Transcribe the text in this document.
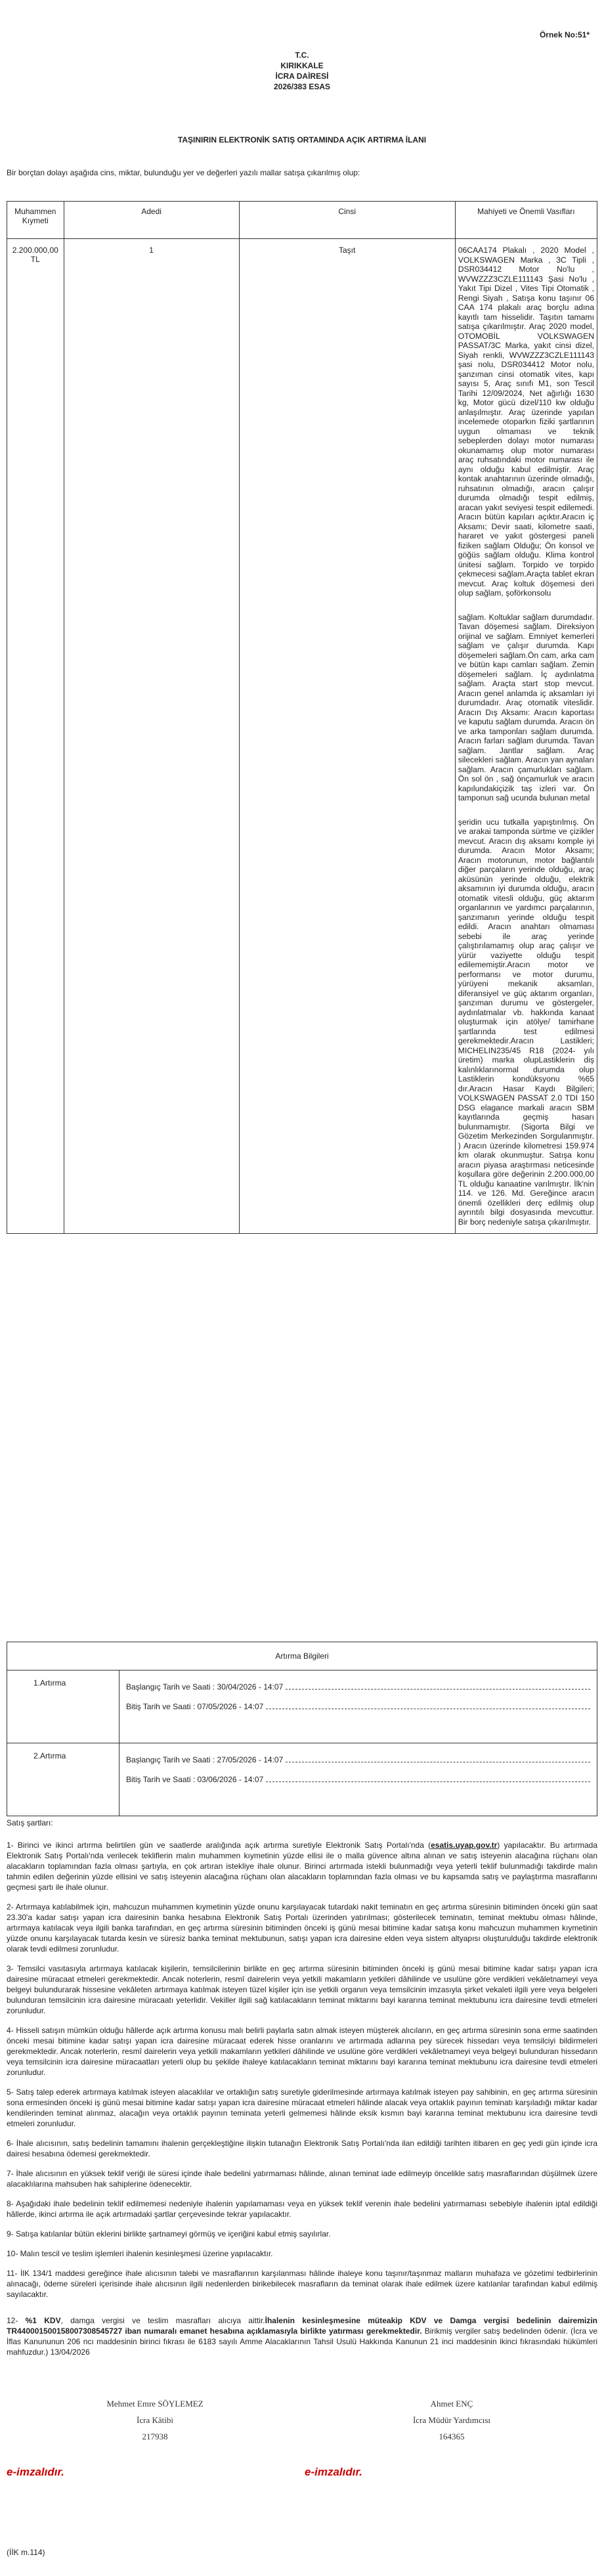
Örnek No:51*
T.C.
KIRIKKALE
İCRA DAİRESİ
2026/383 ESAS
TAŞINIRIN ELEKTRONİK SATIŞ ORTAMINDA AÇIK ARTIRMA İLANI
Bir borçtan dolayı aşağıda cins, miktar, bulunduğu yer ve değerleri yazılı mallar satışa çıkarılmış olup:
Muhammen Kıymeti	Adedi	Cinsi	Mahiyeti ve Önemli Vasıfları
2.200.000,00 TL	1	Taşıt	06CAA174 Plakalı , 2020 Model , VOLKSWAGEN Marka , 3C Tipli , DSR034412 Motor No'lu , WVWZZZ3CZLE111143 Şasi No'lu , Yakıt Tipi Dizel , Vites Tipi Otomatik , Rengi Siyah , Satışa konu taşınır 06 CAA 174 plakalı araç borçlu adına kayıtlı tam hisselidir. Taşıtın tamamı satışa çıkarılmıştır. Araç 2020 model, OTOMOBİL VOLKSWAGEN PASSAT/3C Marka, yakıt cinsi dizel, Siyah renkli, WVWZZZ3CZLE111143 şasi nolu, DSR034412 Motor nolu, şanzıman cinsi otomatik vites, kapı sayısı 5, Araç sınıfı M1, son Tescil Tarihi 12/09/2024, Net ağırlığı 1630 kg, Motor gücü dizel/110 kw olduğu anlaşılmıştır. Araç üzerinde yapılan incelemede otoparkın fiziki şartlarının uygun olmaması ve teknik sebeplerden dolayı motor numarası okunamamış olup motor numarası araç ruhsatındaki motor numarası ile aynı olduğu kabul edilmiştir. Araç kontak anahtarının üzerinde olmadığı, ruhsatının olmadığı, aracın çalışır durumda olmadığı tespit edilmiş, aracan yakıt seviyesi tespit edilemedi. Aracın bütün kapıları açıktır.Aracın iç Aksamı; Devir saati, kilometre saati, hararet ve yakıt göstergesi paneli fiziken sağlam Olduğu; Ön konsol ve göğüs sağlam olduğu. Klima kontrol ünitesi sağlam. Torpido ve torpido çekmecesi sağlam.Araçta tablet ekran mevcut. Araç koltuk döşemesi deri olup sağlam, şoförkonsolu

sağlam. Koltuklar sağlam durumdadır. Tavan döşemesi sağlam. Direksiyon orijinal ve sağlam. Emniyet kemerleri sağlam ve çalışır durumda. Kapı döşemeleri sağlam.Ön cam, arka cam ve bütün kapı camları sağlam. Zemin döşemeleri sağlam. İç aydınlatma sağlam. Araçta start stop mevcut. Aracın genel anlamda iç aksamları iyi durumdadır. Araç otomatik viteslidir. Aracın Dış Aksamı: Aracın kaportası ve kaputu sağlam durumda. Aracın ön ve arka tamponları sağlam durumda. Aracın farları sağlam durumda. Tavan sağlam. Jantlar sağlam. Araç silecekleri sağlam. Aracın yan aynaları sağlam. Aracın çamurlukları sağlam. Ön sol ön , sağ önçamurluk ve aracın kapılundakiçizik taş izleri var. Ön tamponun sağ ucunda bulunan metal

şeridin ucu tutkalla yapıştırılmış. Ön ve arakai tamponda sürtme ve çizikler mevcut. Aracın dış aksamı komple iyi durumda. Aracın Motor Aksamı; Aracın motorunun, motor bağlantılı diğer parçaların yerinde olduğu, araç aküsünün yerinde olduğu, elektrik aksamının iyi durumda olduğu, aracın otomatik vitesli olduğu, güç aktarım organlarının ve yardımcı parçalarının, şanzımanın yerinde olduğu tespit edildi. Aracın anahtarı olmaması sebebi ile araç yerinde çalıştırılamamış olup araç çalışır ve yürür vaziyette olduğu tespit edilememiştir.Aracın motor ve performansı ve motor durumu, yürüyeni mekanik aksamları, diferansiyel ve güç aktarım organları, şanzıman durumu ve göstergeler, aydınlatmalar vb. hakkında kanaat oluşturmak için atölye/ tamirhane şartlarında test edilmesi gerekmektedir.Aracın Lastikleri; MICHELIN235/45 R18 (2024- yılı üretim) marka olupLastiklerin diş kalınlıklarınormal durumda olup Lastiklerin kondüksyonu %65 dır.Aracın Hasar Kaydı Bilgileri; VOLKSWAGEN PASSAT 2.0 TDI 150 DSG elagance markali aracın SBM kayıtlarında geçmiş hasarı bulunmamıştır. (Sigorta Bilgi ve Gözetim Merkezinden Sorgulanmıştır. ) Aracın üzerinde kilometresi 159.974 km olarak okunmuştur. Satışa konu aracın piyasa araştırması neticesinde koşullara göre değerinin 2.200.000,00 TL olduğu kanaatine varılmıştır. İlk'nin 114. ve 126. Md. Gereğince aracın önemli özellikleri derç edilmiş olup ayrıntılı bilgi dosyasında mevcuttur. Bir borç nedeniyle satışa çıkarılmıştır.

Artırma Bilgileri	
1.Artırma	Başlangıç Tarih ve Saati : 30/04/2026 - 14:07
Bitiş Tarih ve Saati : 07/05/2026 - 14:07

2.Artırma	Başlangıç Tarih ve Saati : 27/05/2026 - 14:07
Bitiş Tarih ve Saati : 03/06/2026 - 14:07

Satış şartları:

1- Birinci ve ikinci artırma belirtilen gün ve saatlerde aralığında açık artırma suretiyle Elektronik Satış Portalı'nda (esatis.uyap.gov.tr) yapılacaktır. Bu artırmada Elektronik Satış Portalı'nda verilecek tekliflerin malın muhammen kıymetinin yüzde ellisi ile o malla güvence altına alınan ve satış isteyenin alacağına rüçhanı olan alacakların toplamından fazla olması şartıyla, en çok artıran istekliye ihale olunur. Birinci artırmada istekli bulunmadığı veya yeterli teklif bulunmadığı takdirde malın tahmin edilen değerinin yüzde ellisini ve satış isteyenin alacağına rüçhanı olan alacakların toplamından fazla olması ve bu kapsamda satış ve paylaştırma masraflarını geçmesi şartı ile ihale olunur.

2- Artırmaya katılabilmek için, mahcuzun muhammen kıymetinin yüzde onunu karşılayacak tutardaki nakit teminatın en geç artırma süresinin bitiminden önceki gün saat 23.30'a kadar satışı yapan icra dairesinin banka hesabına Elektronik Satış Portalı üzerinden yatırılması; gösterilecek teminatın, teminat mektubu olması hâlinde, artırmaya katılacak veya ilgili banka tarafından, en geç artırma süresinin bitiminden önceki iş günü mesai bitimine kadar satışa konu mahcuzun muhammen kıymetinin yüzde onunu karşılayacak tutarda kesin ve süresiz banka teminat mektubunun, satışı yapan icra dairesine elden veya sistem altyapısı oluşturulduğu takdirde elektronik olarak tevdi edilmesi zorunludur.

3- Temsilci vasıtasıyla artırmaya katılacak kişilerin, temsilcilerinin birlikte en geç artırma süresinin bitiminden önceki iş günü mesai bitimine kadar satışı yapan icra dairesine müracaat etmeleri gerekmektedir. Ancak noterlerin, resmî dairelerin veya yetkili makamların yetkileri dâhilinde ve usulüne göre verdikleri vekâletnameyi veya belgeyi bulundurarak hissesine vekâleten artırmaya katılmak isteyen tüzel kişiler için ise yetkili organın veya temsilcinin imzasıyla şirket vekaleti ilgili yere veya belgeleri bulunduran temsilcinin icra dairesine müracaatı yeterlidir. Vekiller ilgili sağ katılacakların teminat miktarını bayi kararına teminat mektubunu icra dairesine tevdi etmeleri zorunludur.

4- Hisseli satışın mümkün olduğu hâllerde açık artırma konusu malı belirli paylarla satın almak isteyen müşterek alıcıların, en geç artırma süresinin sona erme saatinden önceki mesai bitimine kadar satışı yapan icra dairesine müracaat ederek hisse oranlarını ve artırmada adlarına pey sürecek hissedarı veya temsilciyi bildirmeleri gerekmektedir. Ancak noterlerin, resmî dairelerin veya yetkili makamların yetkileri dâhilinde ve usulüne göre verdikleri vekâletnameyi veya belgeyi bulunduran hissedarın veya temsilcinin icra dairesine müracaatları yeterli olup bu şekilde ihaleye katılacakların teminat miktarını bayi kararına teminat mektubunu icra dairesine tevdi etmeleri zorunludur.

5- Satış talep ederek artırmaya katılmak isteyen alacaklılar ve ortaklığın satış suretiyle giderilmesinde artırmaya katılmak isteyen pay sahibinin, en geç artırma süresinin sona ermesinden önceki iş günü mesai bitimine kadar satışı yapan icra dairesine müracaat etmeleri hâlinde alacak veya ortaklık payının teminatı karşıladığı miktar kadar kendilerinden teminat alınmaz, alacağın veya ortaklık payının teminata yeterli gelmemesi hâlinde eksik kısmın bayi kararına teminat mektubunu icra dairesine tevdi etmeleri zorunludur.

6- İhale alıcısının, satış bedelinin tamamını ihalenin gerçekleştiğine ilişkin tutanağın Elektronik Satış Portalı'nda ilan edildiği tarihten itibaren en geç yedi gün içinde icra dairesi hesabına ödemesi gerekmektedir.

7- İhale alıcısının en yüksek teklif veriği ile süresi içinde ihale bedelini yatırmaması hâlinde, alınan teminat iade edilmeyip öncelikle satış masraflarından düşülmek üzere alacaklılarına mahsuben hak sahiplerine ödenecektir.

8- Aşağıdaki ihale bedelinin teklif edilmemesi nedeniyle ihalenin yapılamaması veya en yüksek teklif verenin ihale bedelini yatırmaması sebebiyle ihalenin iptal edildiği hâllerde, ikinci artırma ile açık artırmadaki şartlar çerçevesinde tekrar yapılacaktır.

9- Satışa katılanlar bütün eklerini birlikte şartnameyi görmüş ve içeriğini kabul etmiş sayılırlar.

10- Malın tescil ve teslim işlemleri ihalenin kesinleşmesi üzerine yapılacaktır.

11- İlK 134/1 maddesi gereğince ihale alıcısının talebi ve masraflarının karşılanması hâlinde ihaleye konu taşınır/taşınmaz malların muhafaza ve gözetimi tedbirlerinin alınacağı, ödeme süreleri içerisinde ihale alıcısının ilgili nedenlerden birikebilecek masrafların da teminat olarak ihale edilmek üzere katılanlar tarafından kabul edilmiş sayılacaktır.

12- %1 KDV, damga vergisi ve teslim masrafları alıcıya aittir.İhalenin kesinleşmesine müteakip KDV ve Damga vergisi bedelinin dairemizin TR440001500158007308545727 iban numaralı emanet hesabına açıklamasıyla birlikte yatırması gerekmektedir. Birikmiş vergiler satış bedelinden ödenir. (İcra ve İflas Kanununun 206 ncı maddesinin birinci fıkrası ile 6183 sayılı Amme Alacaklarının Tahsil Usulü Hakkında Kanunun 21 inci maddesinin ikinci fıkrasındaki hükümleri mahfuzdur.) 13/04/2026

Mehmet Emre SÖYLEMEZ
İcra Kâtibi
217938
Ahmet ENÇ
İcra Müdür Yardımcısı
164365
e-imzalıdır.	e-imzalıdır.
(İİK m.114)
